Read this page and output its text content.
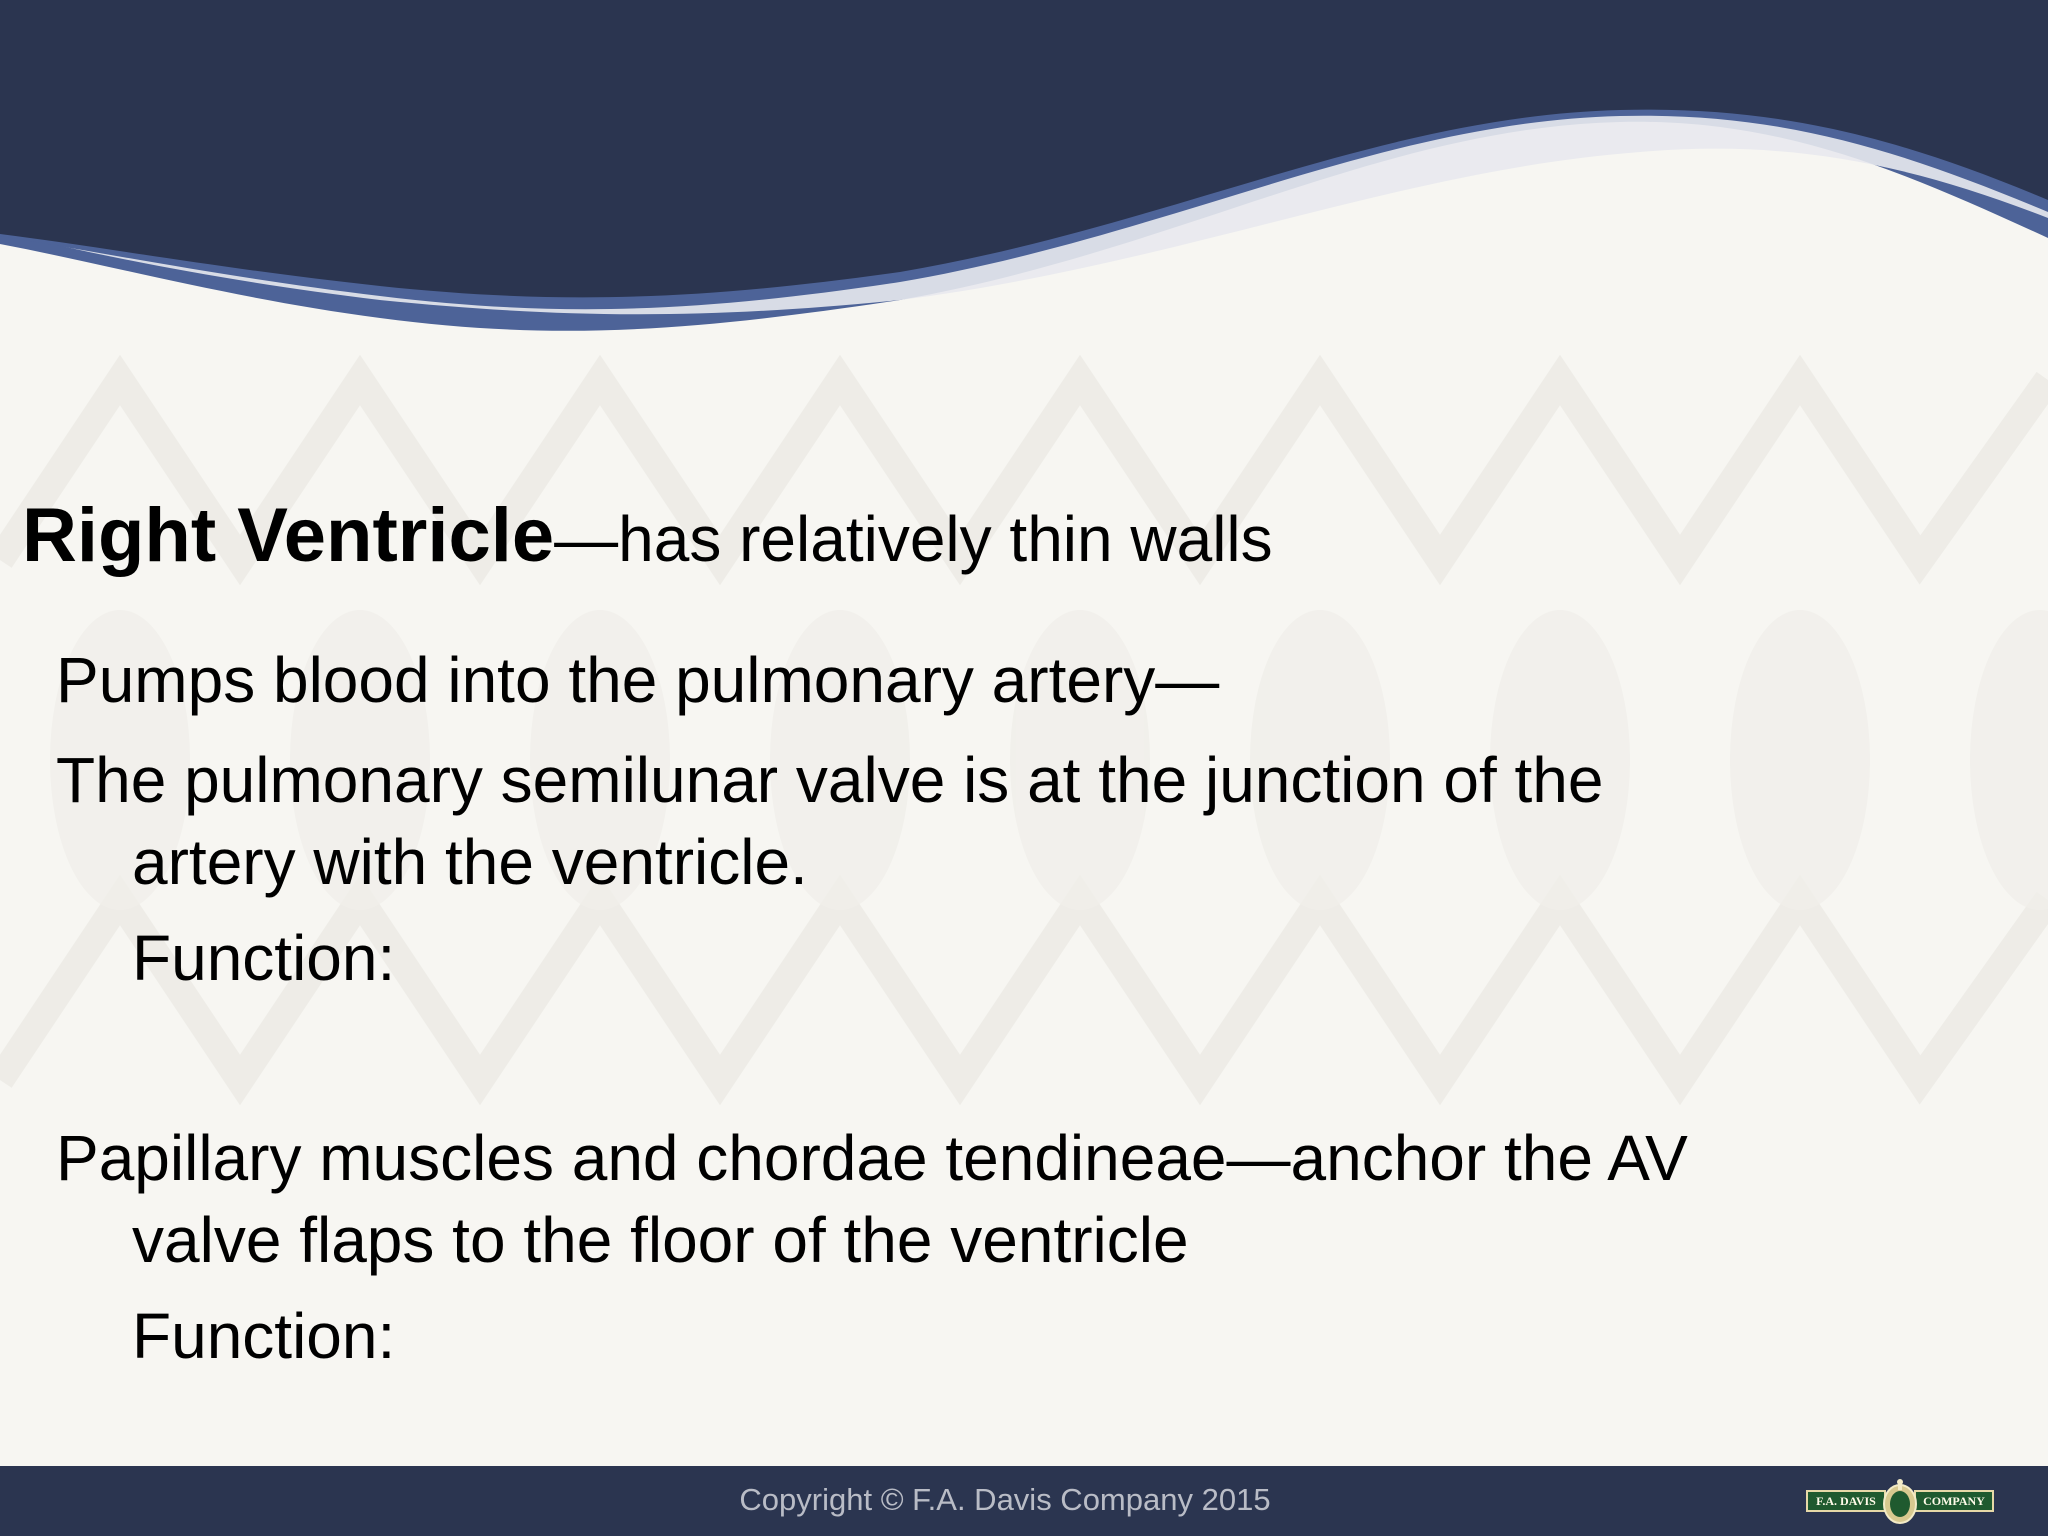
Right Ventricle—has relatively thin walls

Pumps blood into the pulmonary artery—

The pulmonary semilunar valve is at the junction of the

artery with the ventricle.

Function:

Papillary muscles and chordae tendineae—anchor the AV

valve flaps to the floor of the ventricle

Function:

Copyright © F.A. Davis Company 2015	F.A. DAVIS	COMPANY
